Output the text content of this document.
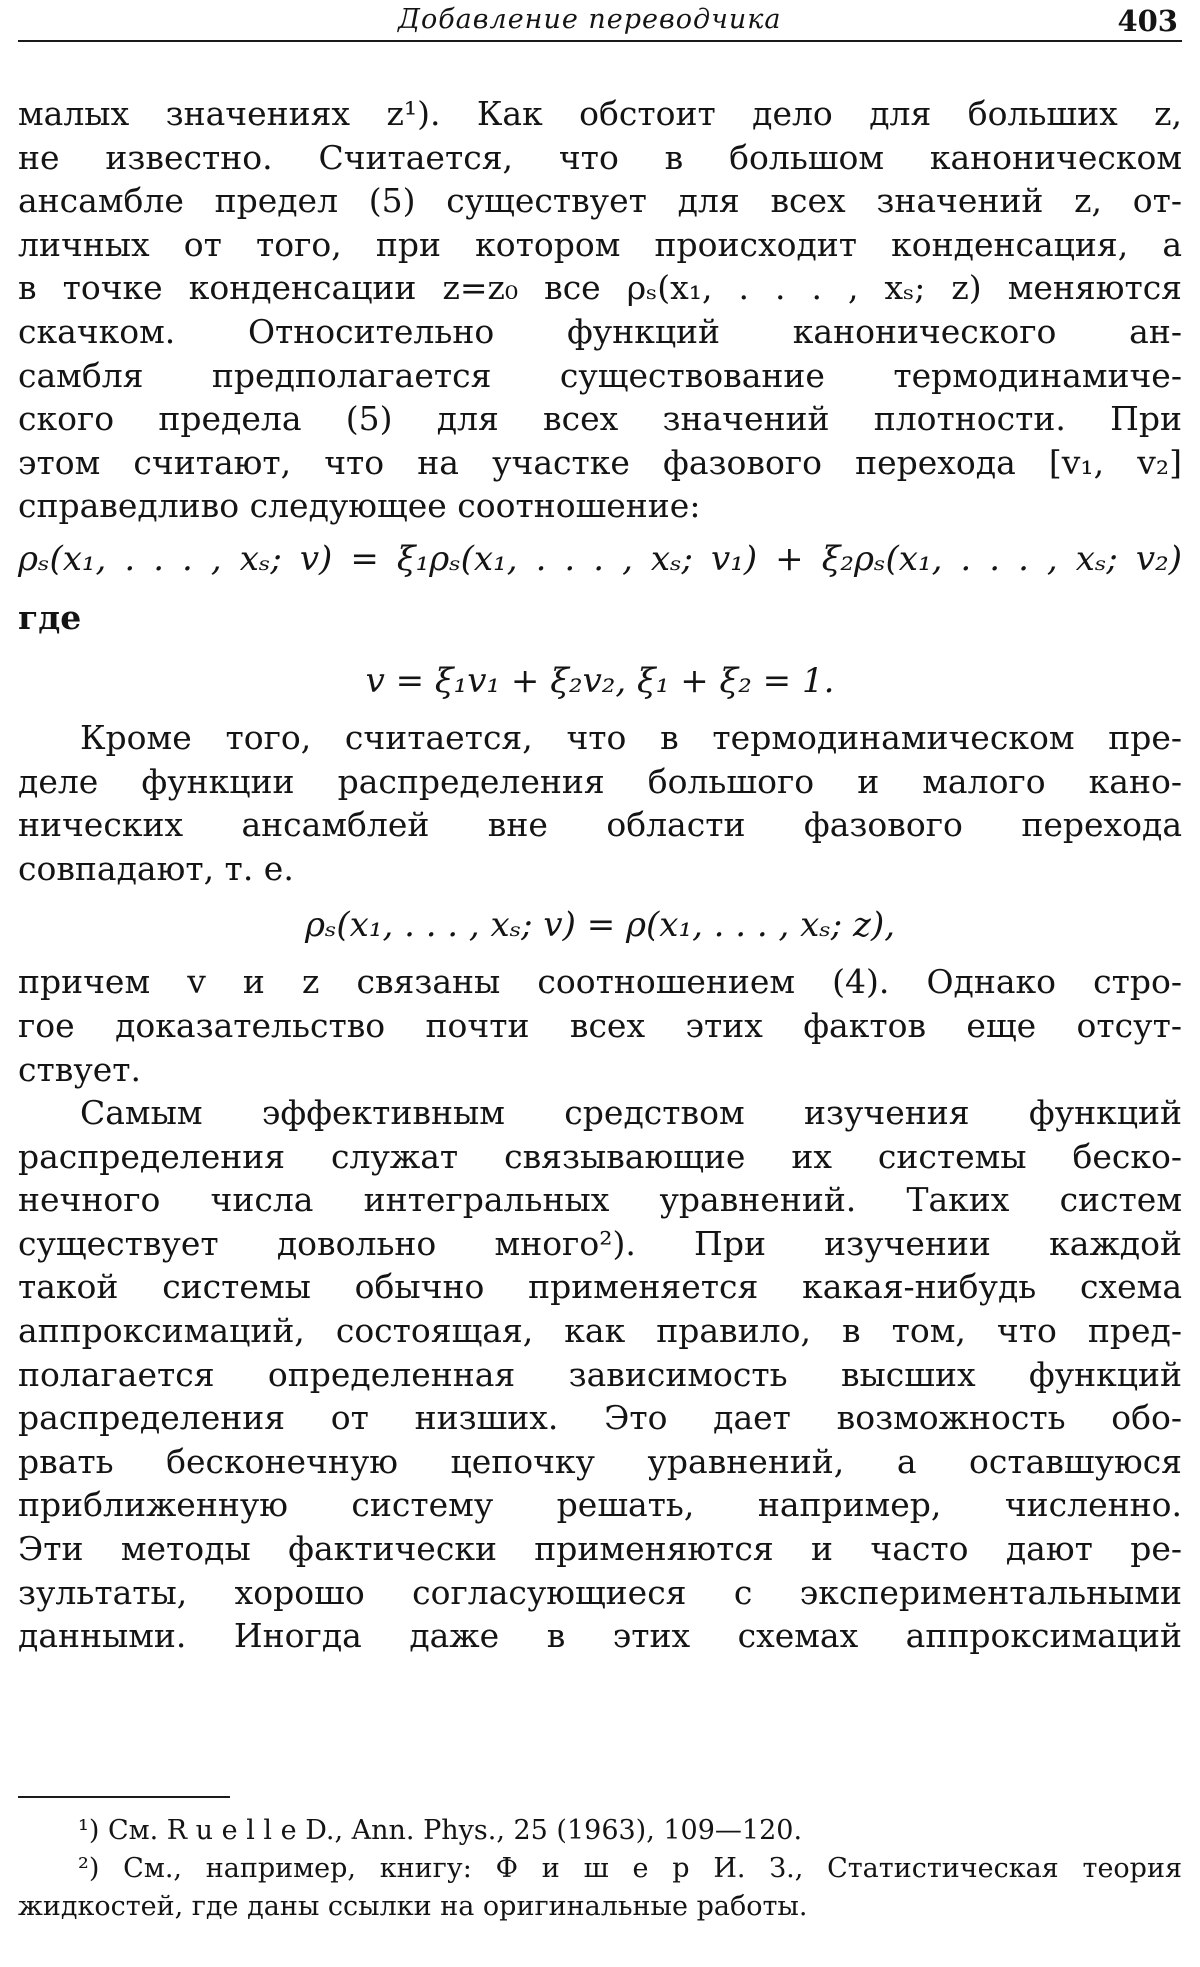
Добавление переводчика	403
малых значениях z¹). Как обстоит дело для больших z,
не известно. Считается, что в большом каноническом
ансамбле предел (5) существует для всех значений z, от-
личных от того, при котором происходит конденсация, а
в точке конденсации z=z₀ все ρₛ(x₁, . . . , xₛ; z) меняются
скачком. Относительно функций канонического ан-
самбля предполагается существование термодинамиче-
ского предела (5) для всех значений плотности. При
этом считают, что на участке фазового перехода [v₁, v₂]
справедливо следующее соотношение:
ρₛ(x₁, . . . , xₛ; v) = ξ₁ρₛ(x₁, . . . , xₛ; v₁) + ξ₂ρₛ(x₁, . . . , xₛ; v₂)
где
v = ξ₁v₁ + ξ₂v₂, ξ₁ + ξ₂ = 1.
Кроме того, считается, что в термодинамическом пре-
деле функции распределения большого и малого кано-
нических ансамблей вне области фазового перехода
совпадают, т. е.
ρₛ(x₁, . . . , xₛ; v) = ρ(x₁, . . . , xₛ; z),
причем v и z связаны соотношением (4). Однако стро-
гое доказательство почти всех этих фактов еще отсут-
ствует.
Самым эффективным средством изучения функций
распределения служат связывающие их системы беско-
нечного числа интегральных уравнений. Таких систем
существует довольно много²). При изучении каждой
такой системы обычно применяется какая-нибудь схема
аппроксимаций, состоящая, как правило, в том, что пред-
полагается определенная зависимость высших функций
распределения от низших. Это дает возможность обо-
рвать бесконечную цепочку уравнений, а оставшуюся
приближенную систему решать, например, численно.
Эти методы фактически применяются и часто дают ре-
зультаты, хорошо согласующиеся с экспериментальными
данными. Иногда даже в этих схемах аппроксимаций
¹) См. R u e l l e D., Ann. Phys., 25 (1963), 109—120.
²) См., например, книгу: Ф и ш е р И. З., Статистическая теория
жидкостей, где даны ссылки на оригинальные работы.
